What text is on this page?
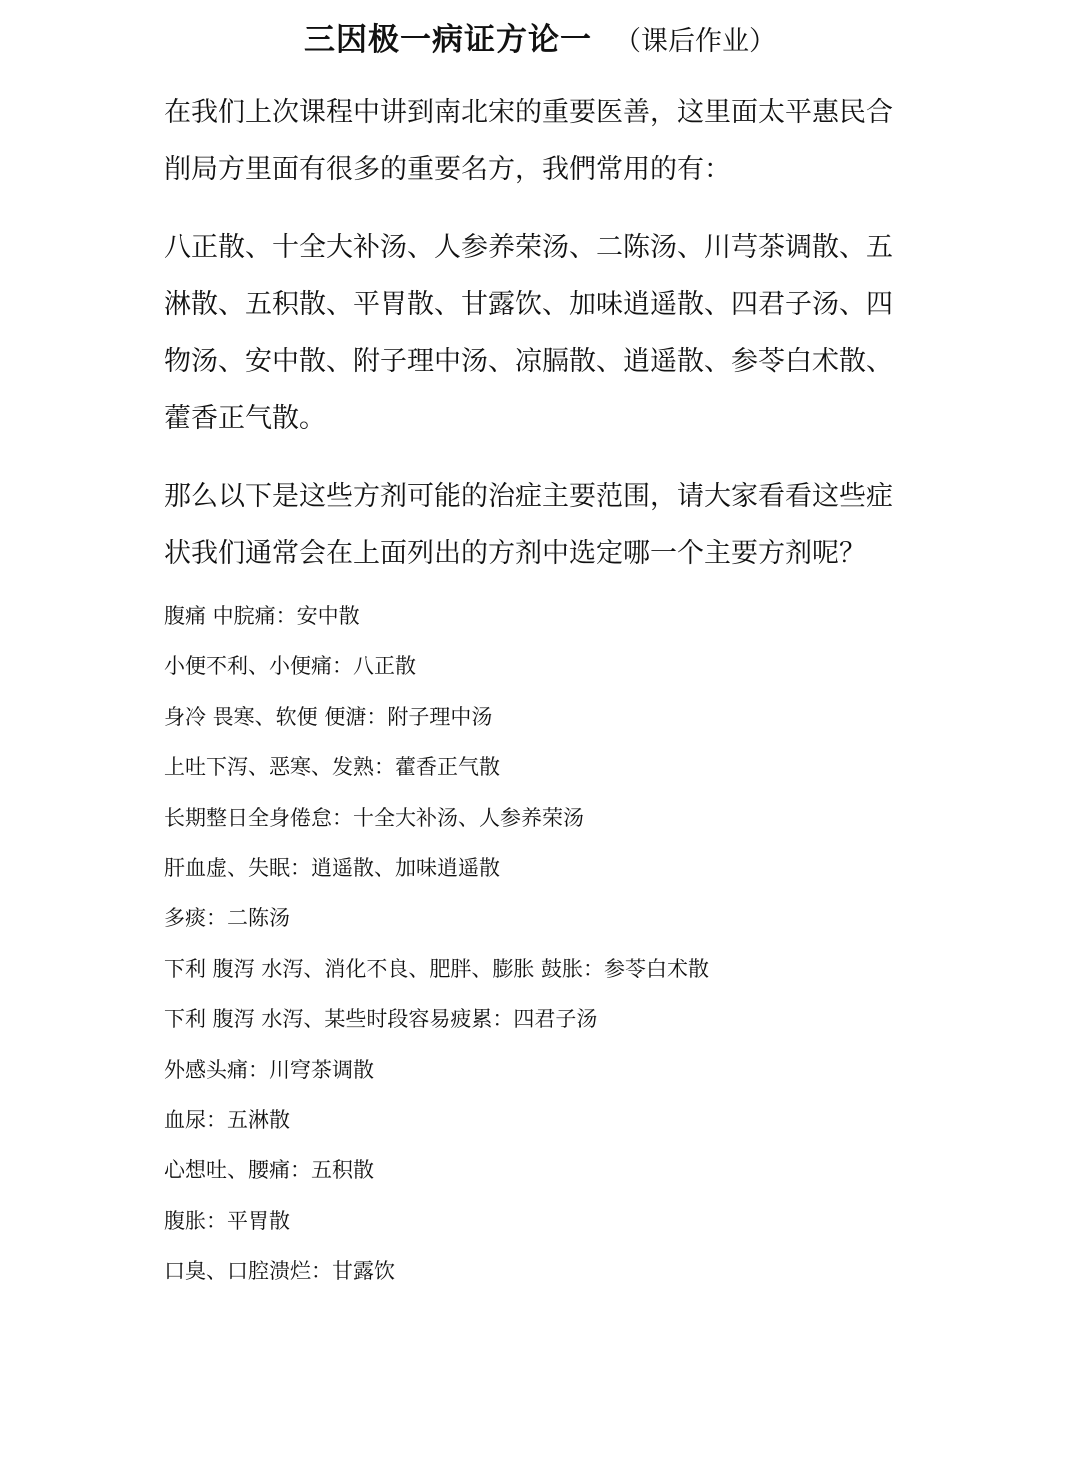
三因极一病证方论一 （课后作业）

在我们上次课程中讲到南北宋的重要医善，这里面太平惠民合削局方里面有很多的重要名方，我們常用的有：

八正散、十全大补汤、人参养荣汤、二陈汤、川芎茶调散、五淋散、五积散、平胃散、甘露饮、加味逍遥散、四君子汤、四物汤、安中散、附子理中汤、凉膈散、逍遥散、参苓白术散、藿香正气散。

那么以下是这些方剂可能的治症主要范围，请大家看看这些症状我们通常会在上面列出的方剂中选定哪一个主要方剂呢？

腹痛 中脘痛：安中散
小便不利、小便痛：八正散
身冷 畏寒、软便 便溏：附子理中汤
上吐下泻、恶寒、发熟：藿香正气散
长期整日全身倦怠：十全大补汤、人参养荣汤
肝血虚、失眠：逍遥散、加味逍遥散
多痰：二陈汤
下利 腹泻 水泻、消化不良、肥胖、膨胀 鼓胀：参苓白术散
下利 腹泻 水泻、某些时段容易疲累：四君子汤
外感头痛：川穹茶调散
血尿：五淋散
心想吐、腰痛：五积散
腹胀：平胃散
口臭、口腔溃烂：甘露饮
